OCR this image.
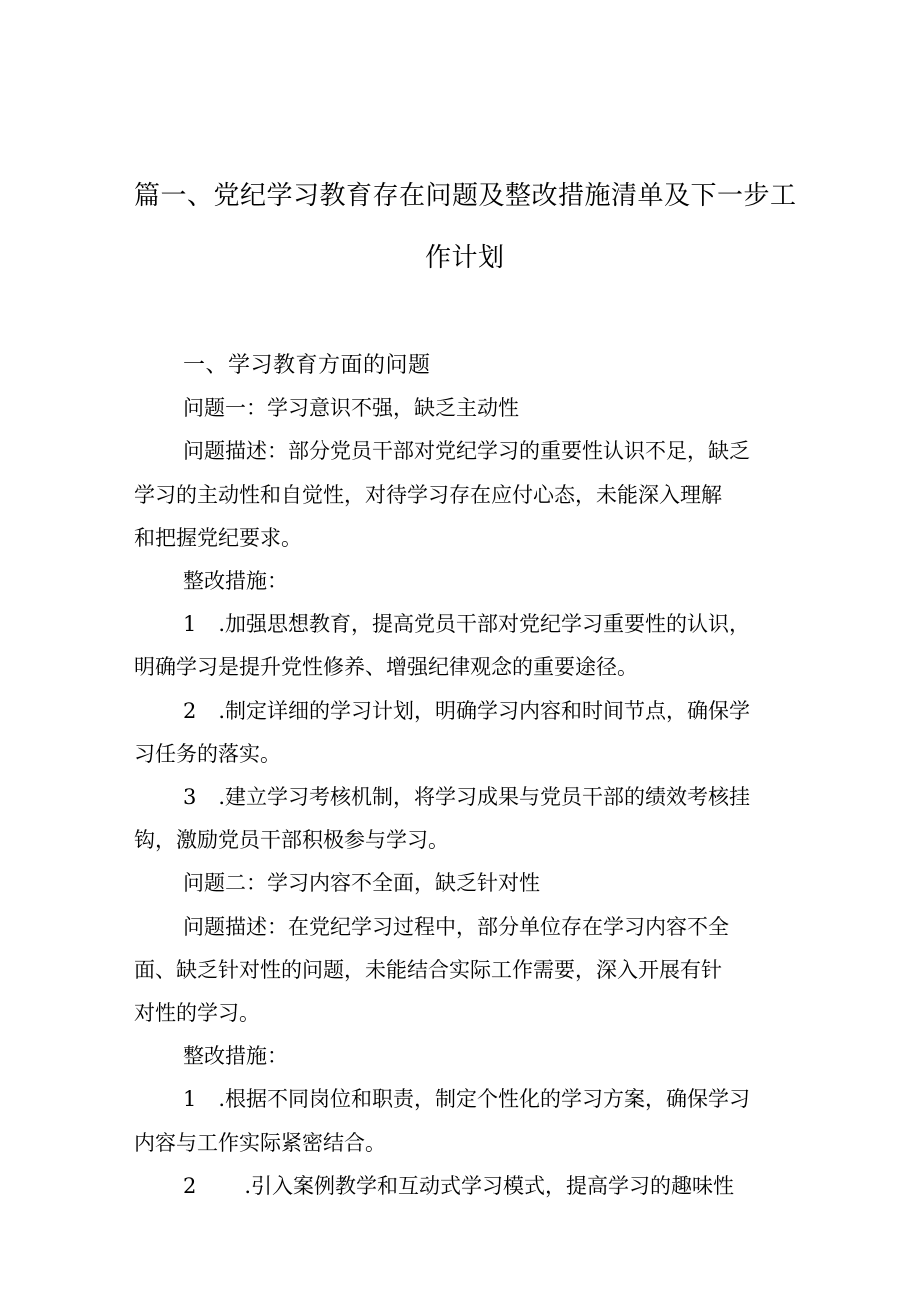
篇一、党纪学习教育存在问题及整改措施清单及下一步工
作计划

一、学习教育方面的问题

问题一：学习意识不强，缺乏主动性

问题描述：部分党员干部对党纪学习的重要性认识不足，缺乏

学习的主动性和自觉性，对待学习存在应付心态，未能深入理解

和把握党纪要求。

整改措施：

1 .加强思想教育，提高党员干部对党纪学习重要性的认识，

明确学习是提升党性修养、增强纪律观念的重要途径。

2 .制定详细的学习计划，明确学习内容和时间节点，确保学

习任务的落实。

3 .建立学习考核机制，将学习成果与党员干部的绩效考核挂

钩，激励党员干部积极参与学习。

问题二：学习内容不全面，缺乏针对性

问题描述：在党纪学习过程中，部分单位存在学习内容不全

面、缺乏针对性的问题，未能结合实际工作需要，深入开展有针

对性的学习。

整改措施：

1 .根据不同岗位和职责，制定个性化的学习方案，确保学习

内容与工作实际紧密结合。

2 .引入案例教学和互动式学习模式，提高学习的趣味性
